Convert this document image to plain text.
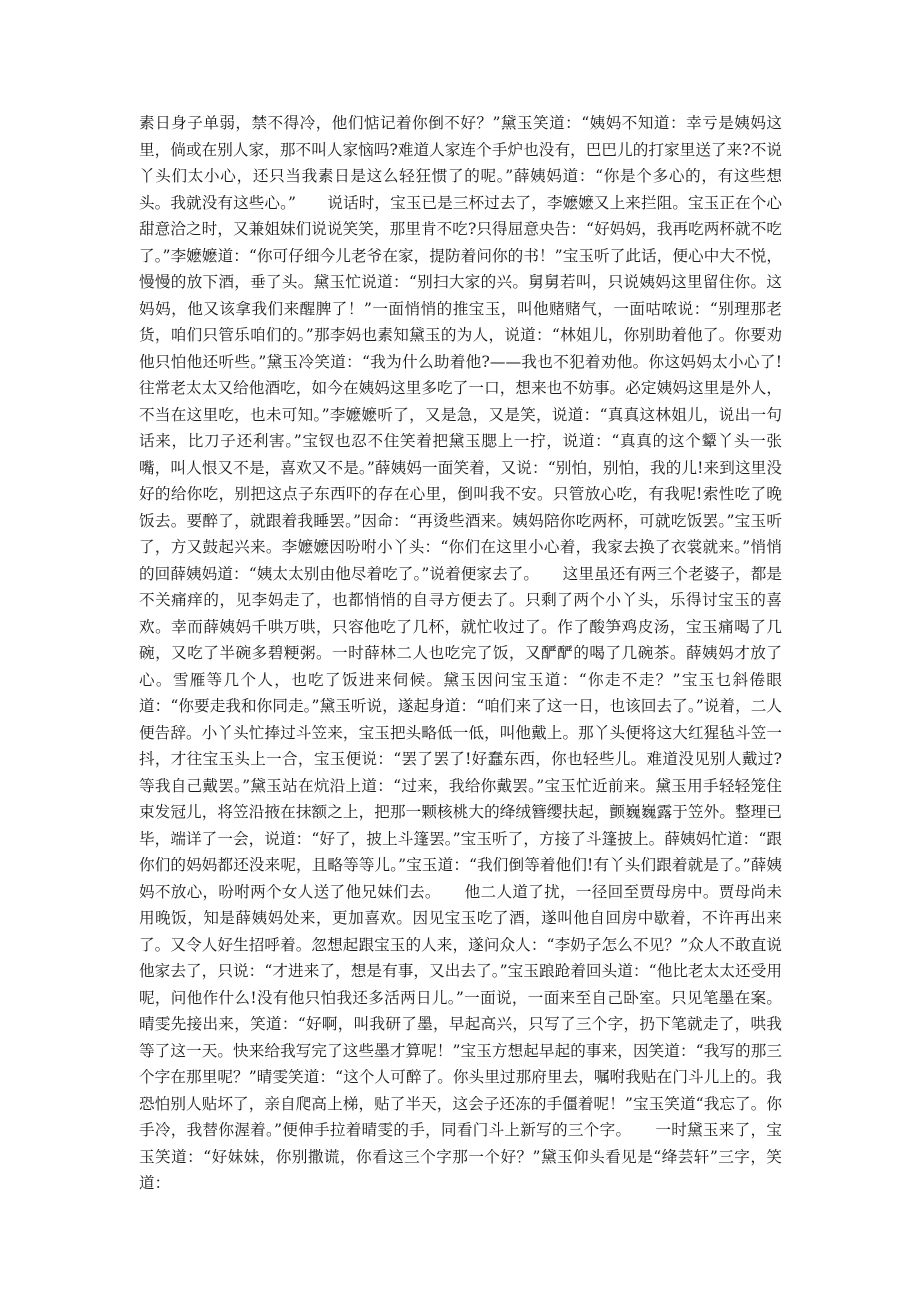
素日身子单弱，禁不得冷，他们惦记着你倒不好？”黛玉笑道：“姨妈不知道：幸亏是姨妈这里，倘或在别人家，那不叫人家恼吗?难道人家连个手炉也没有，巴巴儿的打家里送了来?不说丫头们太小心，还只当我素日是这么轻狂惯了的呢。”薛姨妈道：“你是个多心的，有这些想头。我就没有这些心。”　　说话时，宝玉已是三杯过去了，李嬷嬷又上来拦阻。宝玉正在个心甜意洽之时，又兼姐妹们说说笑笑，那里肯不吃?只得屈意央告：“好妈妈，我再吃两杯就不吃了。”李嬷嬷道：“你可仔细今儿老爷在家，提防着问你的书！”宝玉听了此话，便心中大不悦，慢慢的放下酒，垂了头。黛玉忙说道：“别扫大家的兴。舅舅若叫，只说姨妈这里留住你。这妈妈，他又该拿我们来醒脾了！”一面悄悄的推宝玉，叫他赌赌气，一面咕哝说：“别理那老货，咱们只管乐咱们的。”那李妈也素知黛玉的为人，说道：“林姐儿，你别助着他了。你要劝他只怕他还听些。”黛玉冷笑道：“我为什么助着他?——我也不犯着劝他。你这妈妈太小心了!往常老太太又给他酒吃，如今在姨妈这里多吃了一口，想来也不妨事。必定姨妈这里是外人，不当在这里吃，也未可知。”李嬷嬷听了，又是急，又是笑，说道：“真真这林姐儿，说出一句话来，比刀子还利害。”宝钗也忍不住笑着把黛玉腮上一拧，说道：“真真的这个颦丫头一张嘴，叫人恨又不是，喜欢又不是。”薛姨妈一面笑着，又说：“别怕，别怕，我的儿!来到这里没好的给你吃，别把这点子东西吓的存在心里，倒叫我不安。只管放心吃，有我呢!索性吃了晚饭去。要醉了，就跟着我睡罢。”因命：“再烫些酒来。姨妈陪你吃两杯，可就吃饭罢。”宝玉听了，方又鼓起兴来。李嬷嬷因吩咐小丫头：“你们在这里小心着，我家去换了衣裳就来。”悄悄的回薛姨妈道：“姨太太别由他尽着吃了。”说着便家去了。　　这里虽还有两三个老婆子，都是不关痛痒的，见李妈走了，也都悄悄的自寻方便去了。只剩了两个小丫头，乐得讨宝玉的喜欢。幸而薛姨妈千哄万哄，只容他吃了几杯，就忙收过了。作了酸笋鸡皮汤，宝玉痛喝了几碗，又吃了半碗多碧粳粥。一时薛林二人也吃完了饭，又酽酽的喝了几碗茶。薛姨妈才放了心。雪雁等几个人，也吃了饭进来伺候。黛玉因问宝玉道：“你走不走？”宝玉乜斜倦眼道：“你要走我和你同走。”黛玉听说，遂起身道：“咱们来了这一日，也该回去了。”说着，二人便告辞。小丫头忙捧过斗笠来，宝玉把头略低一低，叫他戴上。那丫头便将这大红猩毡斗笠一抖，才往宝玉头上一合，宝玉便说：“罢了罢了!好蠢东西，你也轻些儿。难道没见别人戴过?等我自己戴罢。”黛玉站在炕沿上道：“过来，我给你戴罢。”宝玉忙近前来。黛玉用手轻轻笼住束发冠儿，将笠沿掖在抹额之上，把那一颗核桃大的绛绒簪缨扶起，颤巍巍露于笠外。整理已毕，端详了一会，说道：“好了，披上斗篷罢。”宝玉听了，方接了斗篷披上。薛姨妈忙道：“跟你们的妈妈都还没来呢，且略等等儿。”宝玉道：“我们倒等着他们!有丫头们跟着就是了。”薛姨妈不放心，吩咐两个女人送了他兄妹们去。　　他二人道了扰，一径回至贾母房中。贾母尚未用晚饭，知是薛姨妈处来，更加喜欢。因见宝玉吃了酒，遂叫他自回房中歇着，不许再出来了。又令人好生招呼着。忽想起跟宝玉的人来，遂问众人：“李奶子怎么不见？”众人不敢直说他家去了，只说：“才进来了，想是有事，又出去了。”宝玉踉跄着回头道：“他比老太太还受用呢，问他作什么!没有他只怕我还多活两日儿。”一面说，一面来至自己卧室。只见笔墨在案。晴雯先接出来，笑道：“好啊，叫我研了墨，早起高兴，只写了三个字，扔下笔就走了，哄我等了这一天。快来给我写完了这些墨才算呢！”宝玉方想起早起的事来，因笑道：“我写的那三个字在那里呢？”晴雯笑道：“这个人可醉了。你头里过那府里去，嘱咐我贴在门斗儿上的。我恐怕别人贴坏了，亲自爬高上梯，贴了半天，这会子还冻的手僵着呢！”宝玉笑道“我忘了。你手冷，我替你渥着。”便伸手拉着晴雯的手，同看门斗上新写的三个字。　　一时黛玉来了，宝玉笑道：“好妹妹，你别撒谎，你看这三个字那一个好？”黛玉仰头看见是“绛芸轩”三字，笑道：
